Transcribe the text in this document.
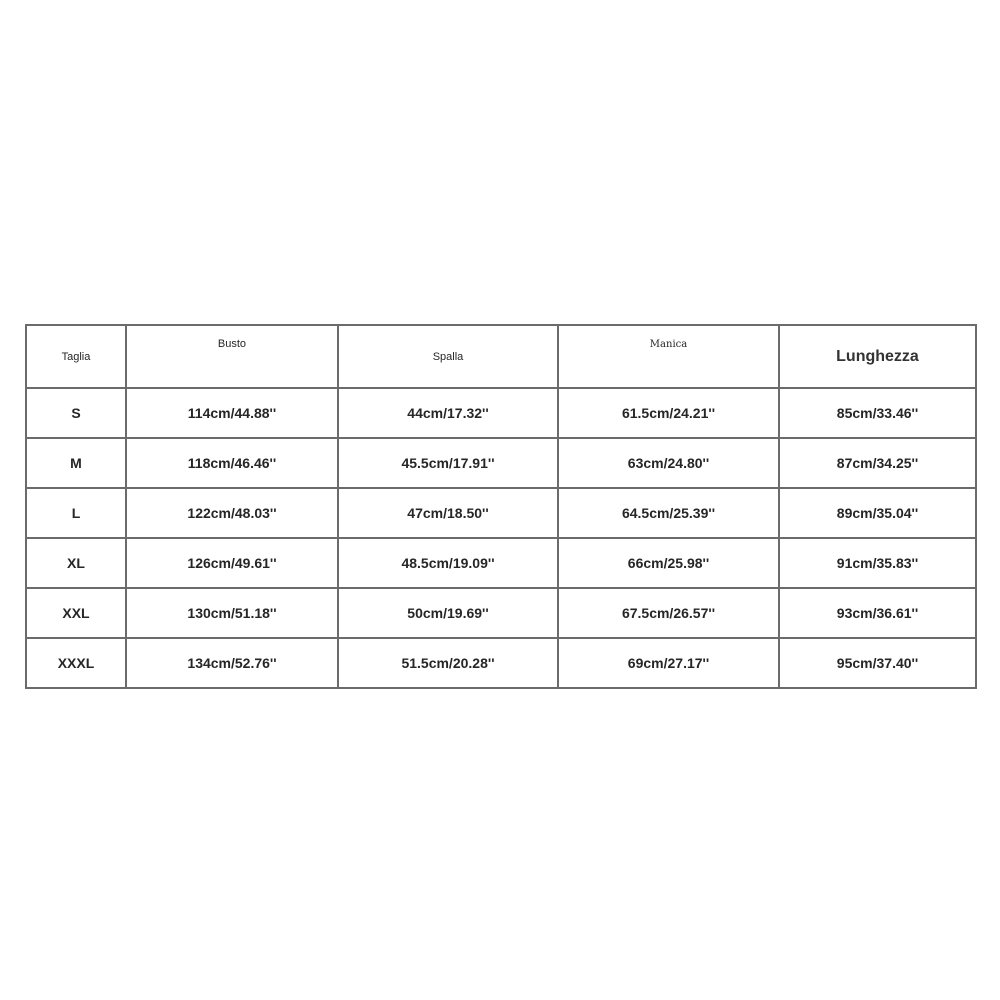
Taglia	Busto	Spalla	Manica	Lunghezza
S	114cm/44.88''	44cm/17.32''	61.5cm/24.21''	85cm/33.46''
M	118cm/46.46''	45.5cm/17.91''	63cm/24.80''	87cm/34.25''
L	122cm/48.03''	47cm/18.50''	64.5cm/25.39''	89cm/35.04''
XL	126cm/49.61''	48.5cm/19.09''	66cm/25.98''	91cm/35.83''
XXL	130cm/51.18''	50cm/19.69''	67.5cm/26.57''	93cm/36.61''
XXXL	134cm/52.76''	51.5cm/20.28''	69cm/27.17''	95cm/37.40''
